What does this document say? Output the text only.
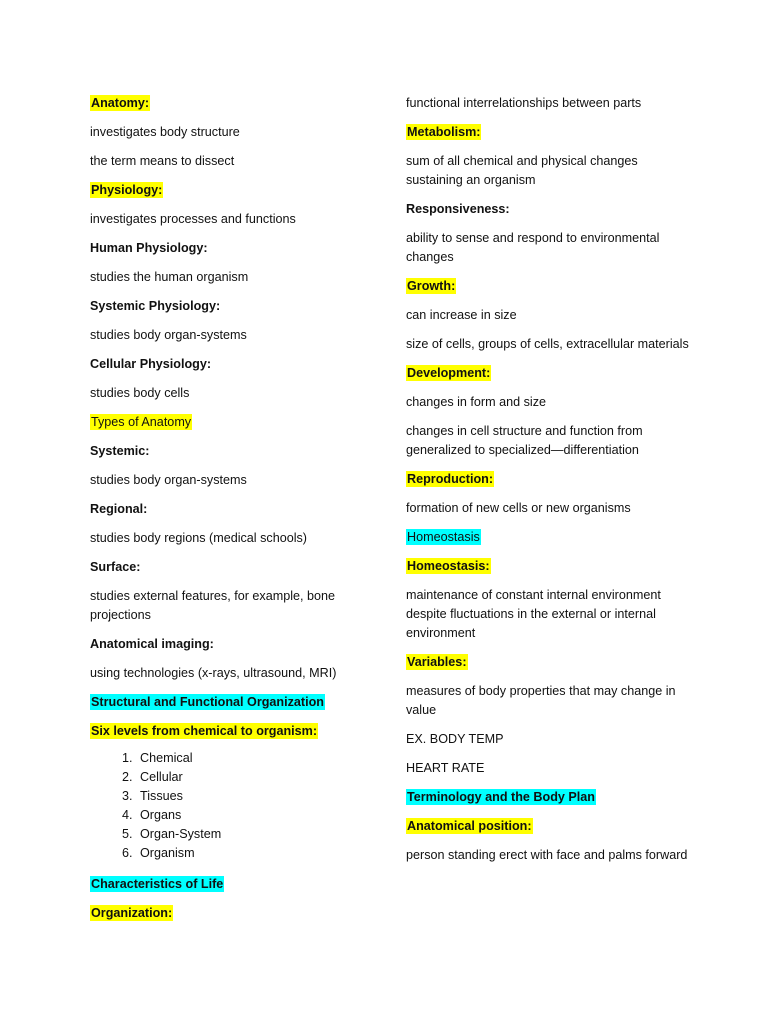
Anatomy:

investigates body structure

the term means to dissect

Physiology:

investigates processes and functions

Human Physiology:

studies the human organism

Systemic Physiology:

studies body organ-systems

Cellular Physiology:

studies body cells

Types of Anatomy

Systemic:

studies body organ-systems

Regional:

studies body regions (medical schools)

Surface:

studies external features, for example, bone projections

Anatomical imaging:

using technologies (x-rays, ultrasound, MRI)

Structural and Functional Organization

Six levels from chemical to organism:

1. Chemical
2. Cellular
3. Tissues
4. Organs
5. Organ-System
6. Organism

Characteristics of Life

Organization:

functional interrelationships between parts

Metabolism:

sum of all chemical and physical changes sustaining an organism

Responsiveness:

ability to sense and respond to environmental changes

Growth:

can increase in size

size of cells, groups of cells, extracellular materials

Development:

changes in form and size

changes in cell structure and function from generalized to specialized—differentiation

Reproduction:

formation of new cells or new organisms

Homeostasis

Homeostasis:

maintenance of constant internal environment despite fluctuations in the external or internal environment

Variables:

measures of body properties that may change in value

EX. BODY TEMP

HEART RATE

Terminology and the Body Plan

Anatomical position:

person standing erect with face and palms forward
